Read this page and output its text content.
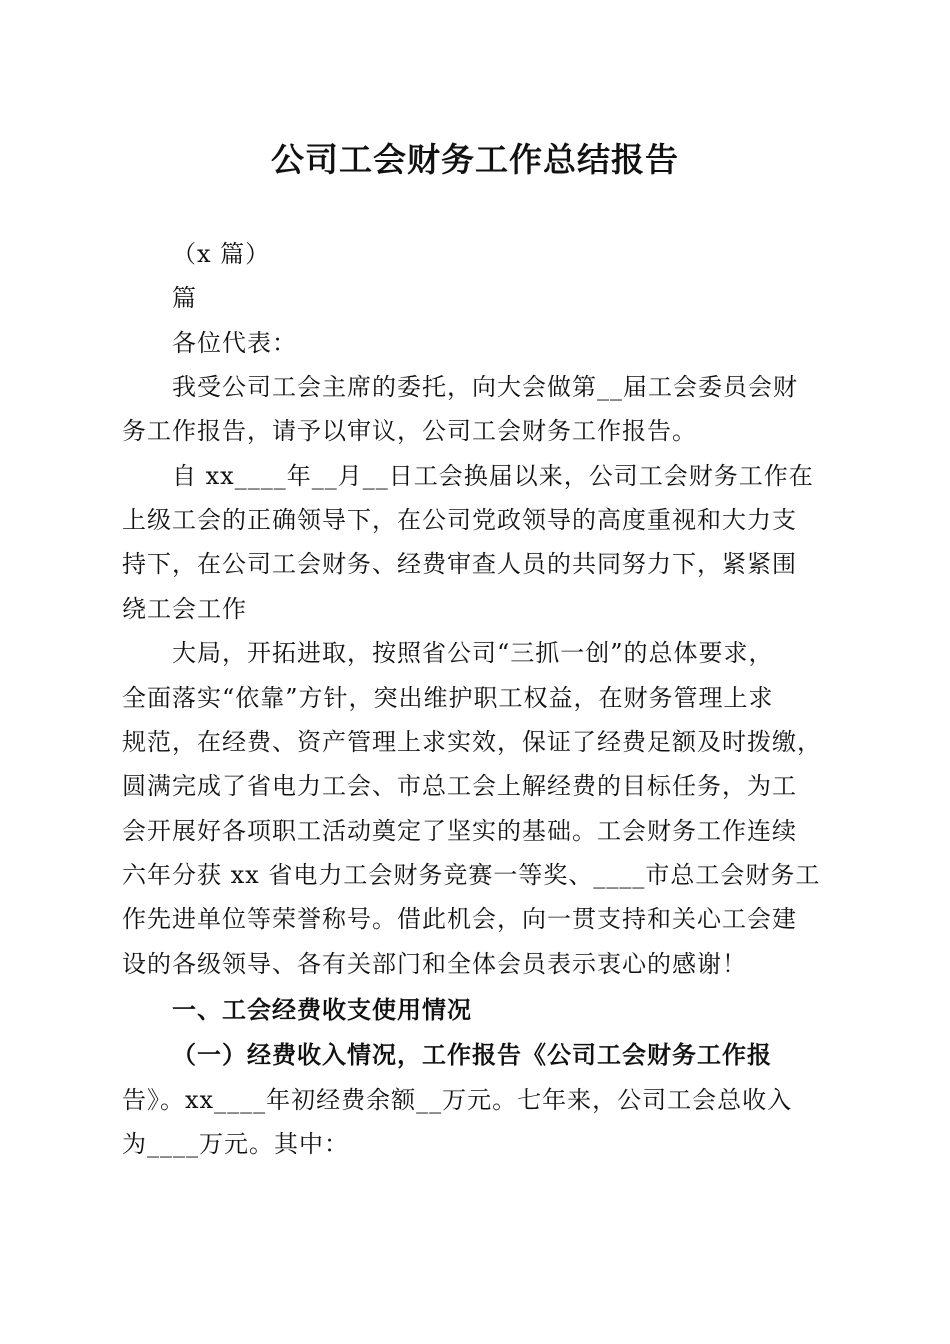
公司工会财务工作总结报告
（x 篇）
篇
各位代表：
我受公司工会主席的委托，向大会做第__届工会委员会财
务工作报告，请予以审议，公司工会财务工作报告。
自 xx____年__月__日工会换届以来，公司工会财务工作在
上级工会的正确领导下，在公司党政领导的高度重视和大力支
持下，在公司工会财务、经费审查人员的共同努力下，紧紧围
绕工会工作
大局，开拓进取，按照省公司“三抓一创”的总体要求，
全面落实“依靠”方针，突出维护职工权益，在财务管理上求
规范，在经费、资产管理上求实效，保证了经费足额及时拨缴，
圆满完成了省电力工会、市总工会上解经费的目标任务，为工
会开展好各项职工活动奠定了坚实的基础。工会财务工作连续
六年分获 xx 省电力工会财务竞赛一等奖、____市总工会财务工
作先进单位等荣誉称号。借此机会，向一贯支持和关心工会建
设的各级领导、各有关部门和全体会员表示衷心的感谢！
一、工会经费收支使用情况
（一）经费收入情况，工作报告《公司工会财务工作报
告》。xx____年初经费余额__万元。七年来，公司工会总收入
为____万元。其中：
